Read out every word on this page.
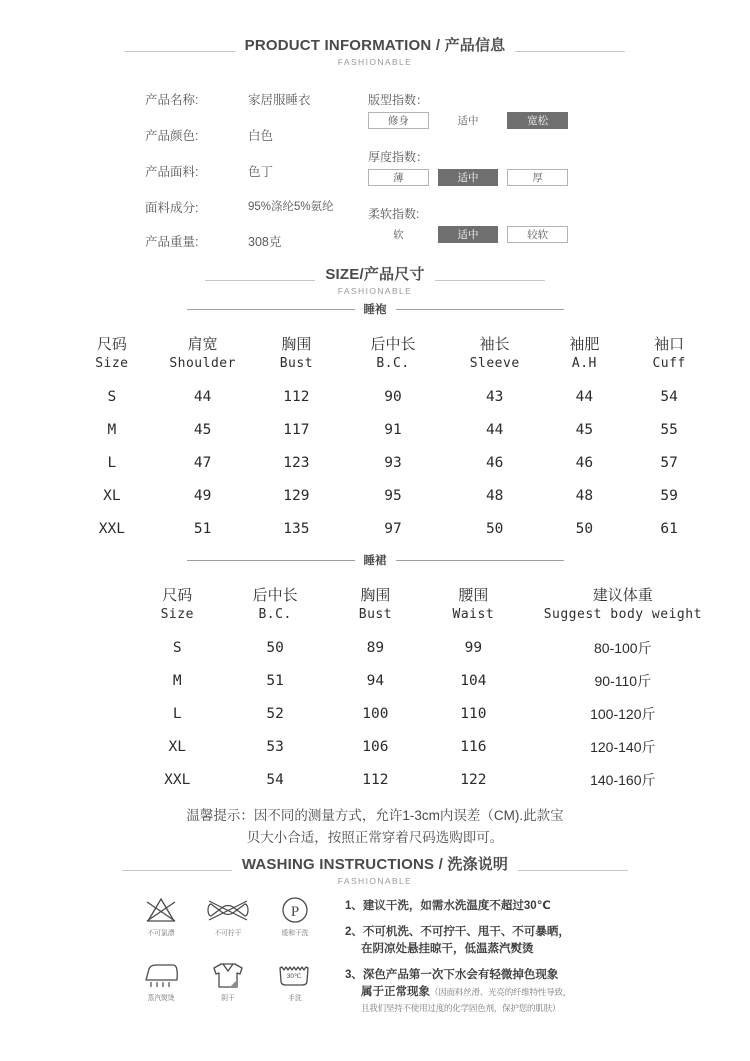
PRODUCT INFORMATION / 产品信息
FASHIONABLE
产品名称:	家居服睡衣
产品颜色:	白色
产品面料:	色丁
面料成分:	95%涤纶5%氨纶
产品重量:	308克
版型指数：
修身	适中	宽松
厚度指数：
薄	适中	厚
柔软指数:
软	适中	较软
SIZE/产品尺寸
FASHIONABLE
睡袍
尺码	肩宽	胸围	后中长	袖长	袖肥	袖口
Size	Shoulder	Bust	B.C.	Sleeve	A.H	Cuff
S	44	112	90	43	44	54
M	45	117	91	44	45	55
L	47	123	93	46	46	57
XL	49	129	95	48	48	59
XXL	51	135	97	50	50	61
睡裙
尺码	后中长	胸围	腰围	建议体重
Size	B.C.	Bust	Waist	Suggest body weight
S	50	89	99	80-100斤
M	51	94	104	90-110斤
L	52	100	110	100-120斤
XL	53	106	116	120-140斤
XXL	54	112	122	140-160斤
温馨提示：因不同的测量方式，允许1-3cm内误差（CM).此款宝
贝大小合适，按照正常穿着尺码选购即可。
WASHING INSTRUCTIONS / 洗涤说明
FASHIONABLE
不可氯漂	不可拧干
P
缓和干洗
蒸汽熨烫	阴干
30℃
手洗
1、建议干洗，如需水洗温度不超过30℃
2、不可机洗、不可拧干、甩干、不可暴晒，
在阴凉处悬挂晾干，低温蒸汽熨烫
3、深色产品第一次下水会有轻微掉色现象
属于正常现象（因面料丝滑、光亮的纤维特性导致，
且我们坚持不使用过度的化学固色剂，保护您的肌肤）
